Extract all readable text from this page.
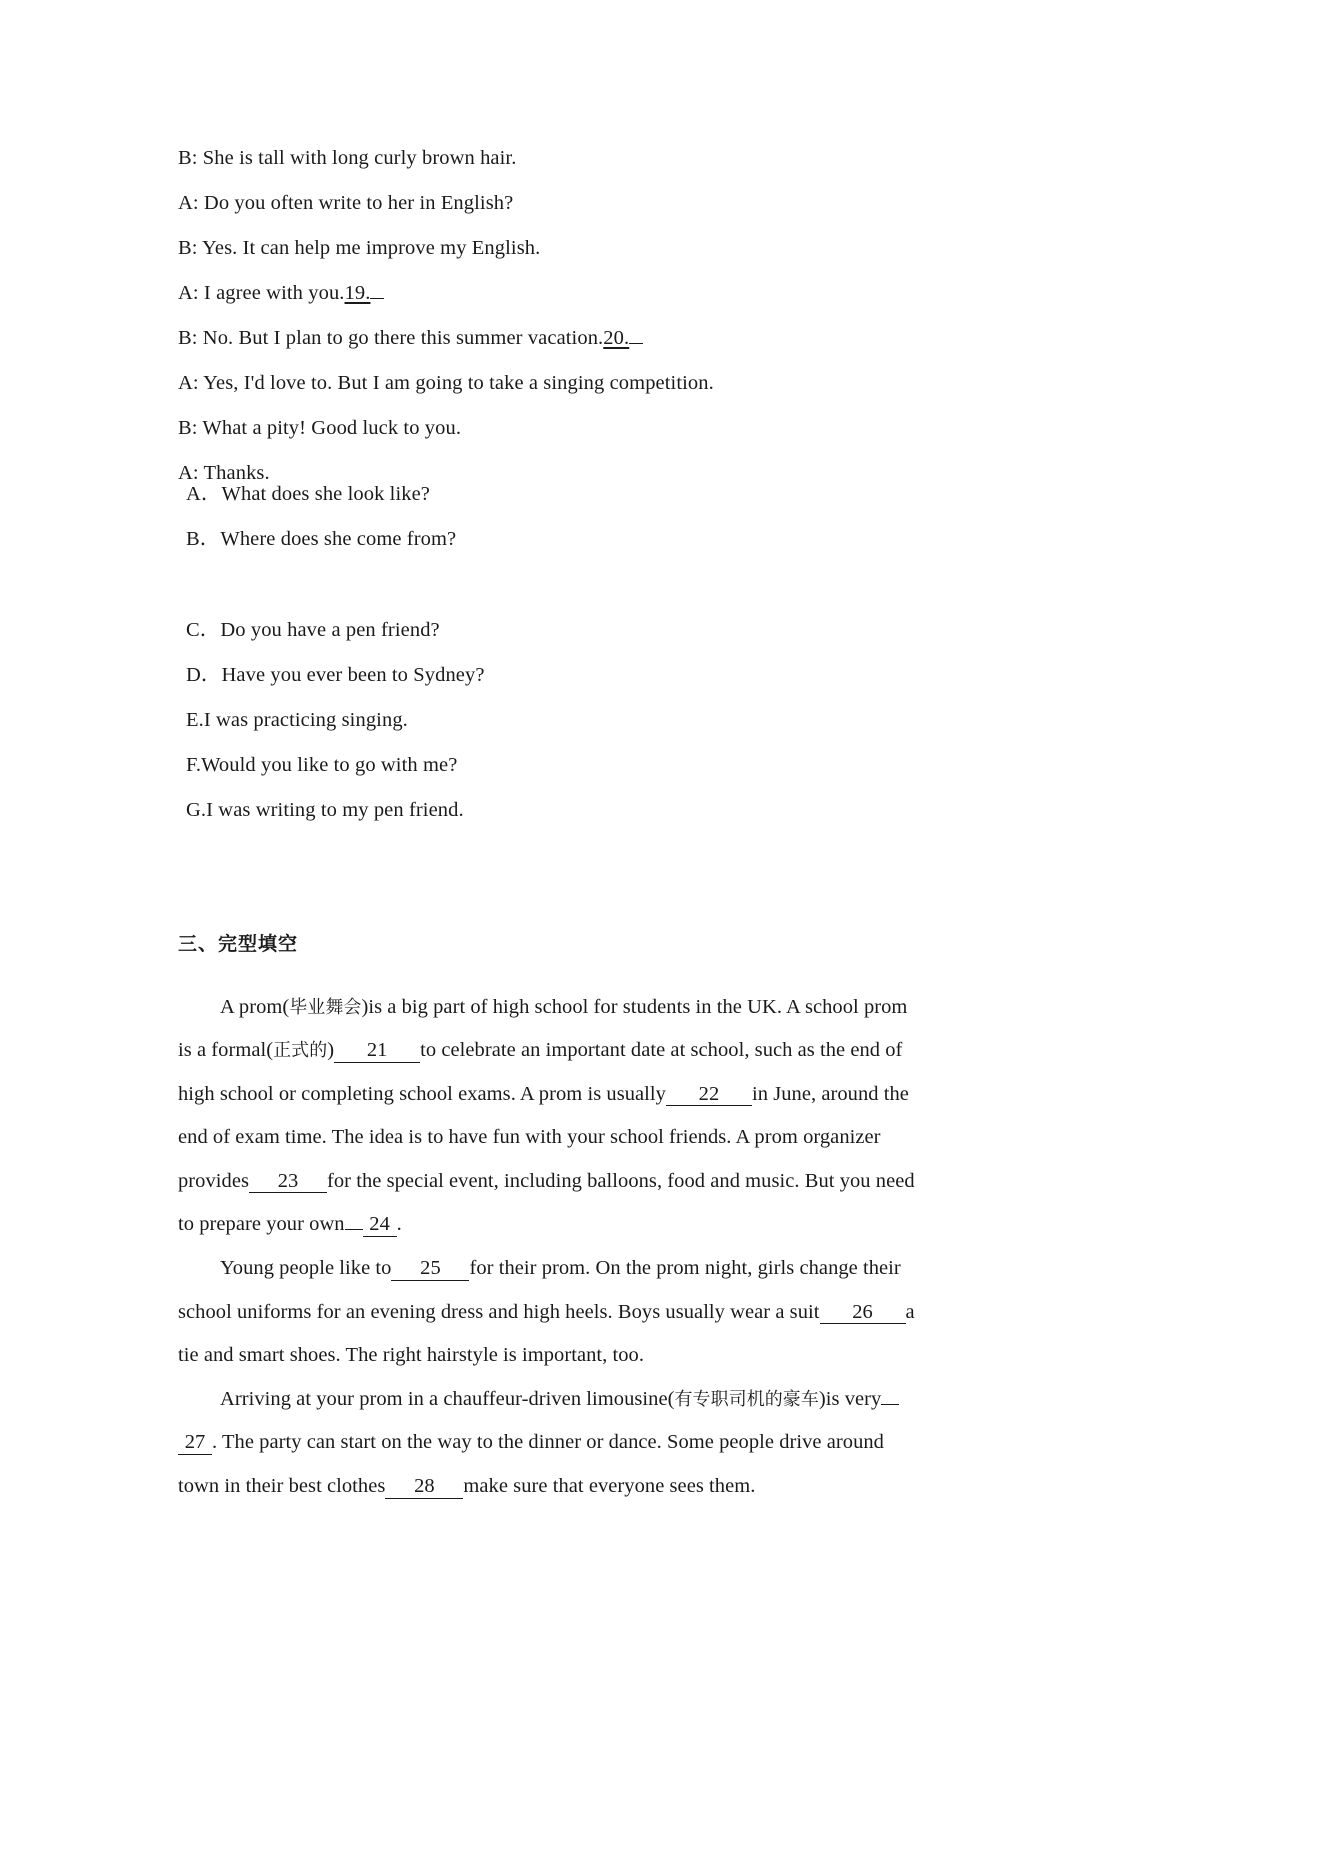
B: She is tall with long curly brown hair.

A: Do you often write to her in English?

B: Yes. It can help me improve my English.

A: I agree with you.19.

B: No. But I plan to go there this summer vacation.20.

A: Yes, I'd love to. But I am going to take a singing competition.

B: What a pity! Good luck to you.

A: Thanks.

A．What does she look like?

B．Where does she come from?

C．Do you have a pen friend?

D．Have you ever been to Sydney?

E.I was practicing singing.

F.Would you like to go with me?

G.I was writing to my pen friend.

三、完型填空

A prom(毕业舞会)is a big part of high school for students in the UK. A school prom is a formal(正式的) 21 to celebrate an important date at school, such as the end of high school or completing school exams. A prom is usually 22 in June, around the end of exam time. The idea is to have fun with your school friends. A prom organizer provides 23 for the special event, including balloons, food and music. But you need to prepare your own 24 .

Young people like to 25 for their prom. On the prom night, girls change their school uniforms for an evening dress and high heels. Boys usually wear a suit 26 a tie and smart shoes. The right hairstyle is important, too.

Arriving at your prom in a chauffeur-driven limousine(有专职司机的豪车)is very27 . The party can start on the way to the dinner or dance. Some people drive around town in their best clothes 28 make sure that everyone sees them.
